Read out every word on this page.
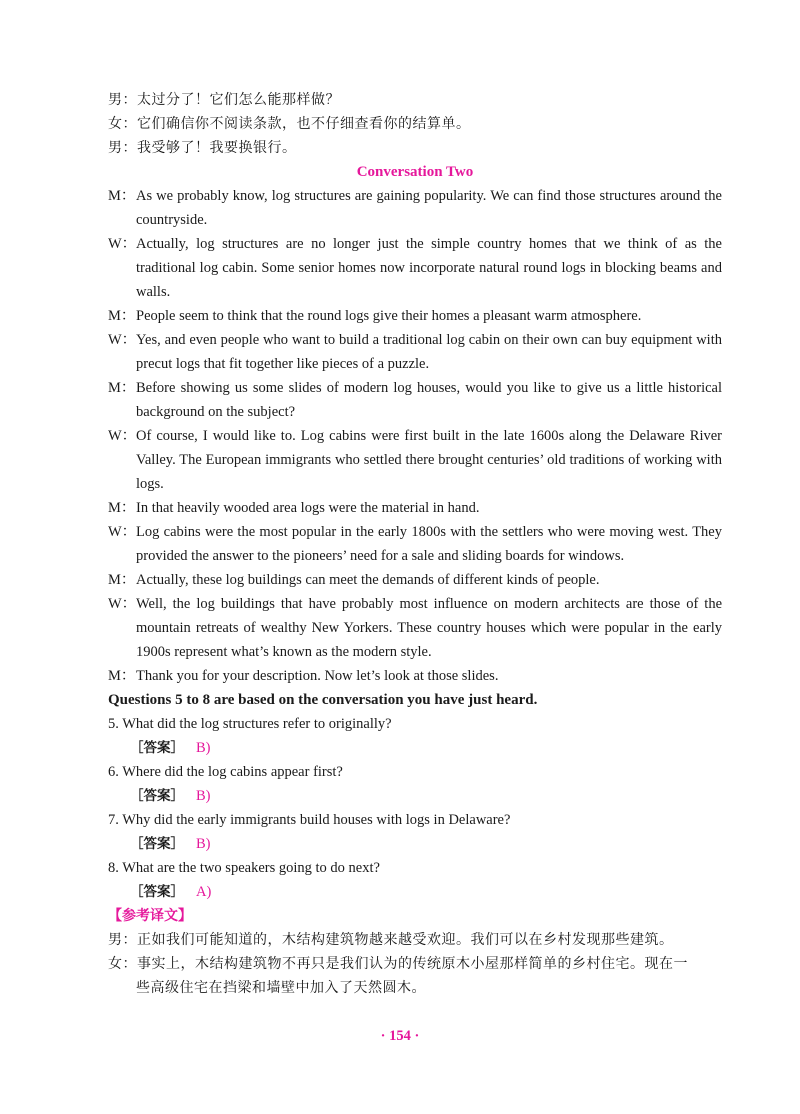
男：太过分了！它们怎么能那样做？
女：它们确信你不阅读条款，也不仔细查看你的结算单。
男：我受够了！我要换银行。
Conversation Two
M： As we probably know, log structures are gaining popularity. We can find those structures around the countryside.
W： Actually, log structures are no longer just the simple country homes that we think of as the traditional log cabin. Some senior homes now incorporate natural round logs in blocking beams and walls.
M： People seem to think that the round logs give their homes a pleasant warm atmosphere.
W： Yes, and even people who want to build a traditional log cabin on their own can buy equipment with precut logs that fit together like pieces of a puzzle.
M： Before showing us some slides of modern log houses, would you like to give us a little historical background on the subject?
W： Of course, I would like to. Log cabins were first built in the late 1600s along the Delaware River Valley. The European immigrants who settled there brought centuries’ old traditions of working with logs.
M： In that heavily wooded area logs were the material in hand.
W： Log cabins were the most popular in the early 1800s with the settlers who were moving west. They provided the answer to the pioneers’ need for a sale and sliding boards for windows.
M： Actually, these log buildings can meet the demands of different kinds of people.
W： Well, the log buildings that have probably most influence on modern architects are those of the mountain retreats of wealthy New Yorkers. These country houses which were popular in the early 1900s represent what’s known as the modern style.
M： Thank you for your description. Now let’s look at those slides.
Questions 5 to 8 are based on the conversation you have just heard.
5. What did the log structures refer to originally?
［答案］ B)
6. Where did the log cabins appear first?
［答案］ B)
7. Why did the early immigrants build houses with logs in Delaware?
［答案］ B)
8. What are the two speakers going to do next?
［答案］ A)
【参考译文】
男：正如我们可能知道的，木结构建筑物越来越受欢迎。我们可以在乡村发现那些建筑。
女：事实上，木结构建筑物不再只是我们认为的传统原木小屋那样简单的乡村住宅。现在一
些高级住宅在挡梁和墙壁中加入了天然圆木。
· 154 ·
